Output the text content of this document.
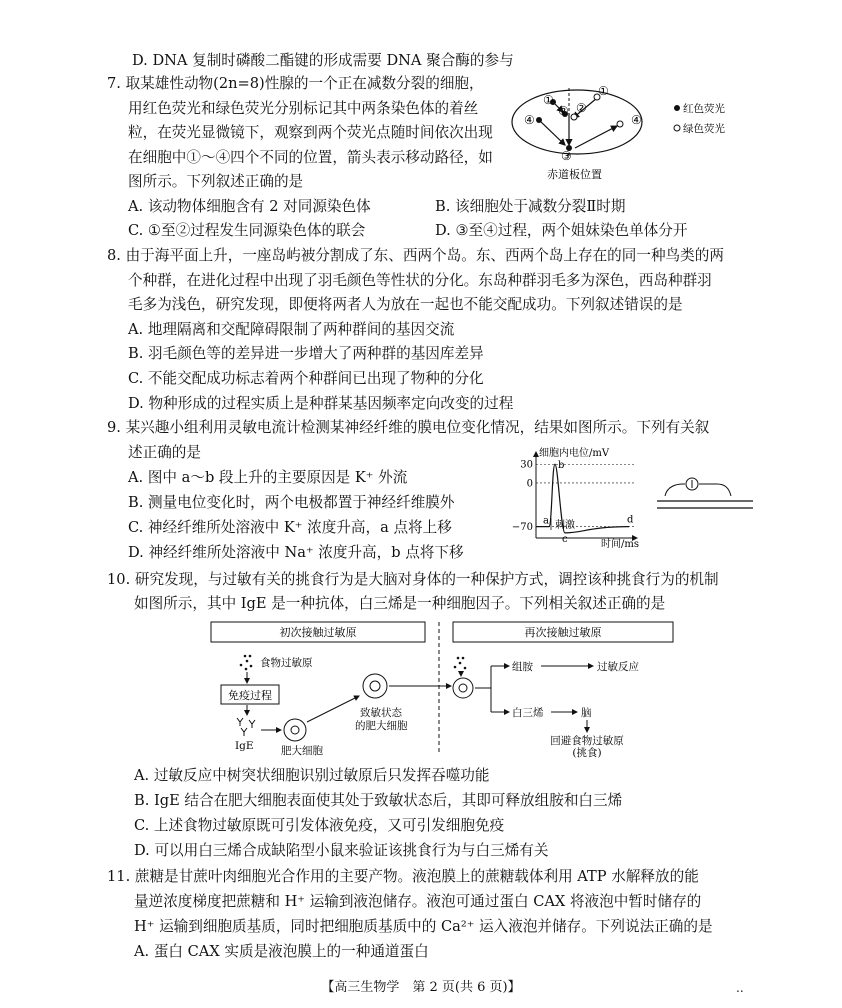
D. DNA 复制时磷酸二酯键的形成需要 DNA 聚合酶的参与
7. 取某雄性动物(2n=8)性腺的一个正在减数分裂的细胞，
用红色荧光和绿色荧光分别标记其中两条染色体的着丝
粒，在荧光显微镜下，观察到两个荧光点随时间依次出现
在细胞中①～④四个不同的位置，箭头表示移动路径，如
图所示。下列叙述正确的是
A. 该动物体细胞含有 2 对同源染色体	B. 该细胞处于减数分裂Ⅱ时期
C. ①至②过程发生同源染色体的联会	D. ③至④过程，两个姐妹染色单体分开
①
②
①
②
④
③
④
赤道板位置
红色荧光
绿色荧光
8. 由于海平面上升，一座岛屿被分割成了东、西两个岛。东、西两个岛上存在的同一种鸟类的两
个种群，在进化过程中出现了羽毛颜色等性状的分化。东岛种群羽毛多为深色，西岛种群羽
毛多为浅色，研究发现，即便将两者人为放在一起也不能交配成功。下列叙述错误的是
A. 地理隔离和交配障碍限制了两种群间的基因交流
B. 羽毛颜色等的差异进一步增大了两种群的基因库差异
C. 不能交配成功标志着两个种群间已出现了物种的分化
D. 物种形成的过程实质上是种群某基因频率定向改变的过程
9. 某兴趣小组利用灵敏电流计检测某神经纤维的膜电位变化情况，结果如图所示。下列有关叙
述正确的是
A. 图中 a～b 段上升的主要原因是 K⁺ 外流
B. 测量电位变化时，两个电极都置于神经纤维膜外
C. 神经纤维所处溶液中 K⁺ 浓度升高，a 点将上移
D. 神经纤维所处溶液中 Na⁺ 浓度升高，b 点将下移
细胞内电位/mV
时间/ms
30
0
−70
a
b
c
d
刺激
10. 研究发现，与过敏有关的挑食行为是大脑对身体的一种保护方式，调控该种挑食行为的机制
如图所示，其中 IgE 是一种抗体，白三烯是一种细胞因子。下列相关叙述正确的是
初次接触过敏原	再次接触过敏原
食物过敏原
免疫过程
IgE	肥大细胞
致敏状态
的肥大细胞
组胺	过敏反应
白三烯	脑
回避食物过敏原
(挑食)
A. 过敏反应中树突状细胞识别过敏原后只发挥吞噬功能
B. IgE 结合在肥大细胞表面使其处于致敏状态后，其即可释放组胺和白三烯
C. 上述食物过敏原既可引发体液免疫，又可引发细胞免疫
D. 可以用白三烯合成缺陷型小鼠来验证该挑食行为与白三烯有关
11. 蔗糖是甘蔗叶肉细胞光合作用的主要产物。液泡膜上的蔗糖载体利用 ATP 水解释放的能
量逆浓度梯度把蔗糖和 H⁺ 运输到液泡储存。液泡可通过蛋白 CAX 将液泡中暂时储存的
H⁺ 运输到细胞质基质，同时把细胞质基质中的 Ca²⁺ 运入液泡并储存。下列说法正确的是
A. 蛋白 CAX 实质是液泡膜上的一种通道蛋白
【高三生物学　第 2 页(共 6 页)】	..
